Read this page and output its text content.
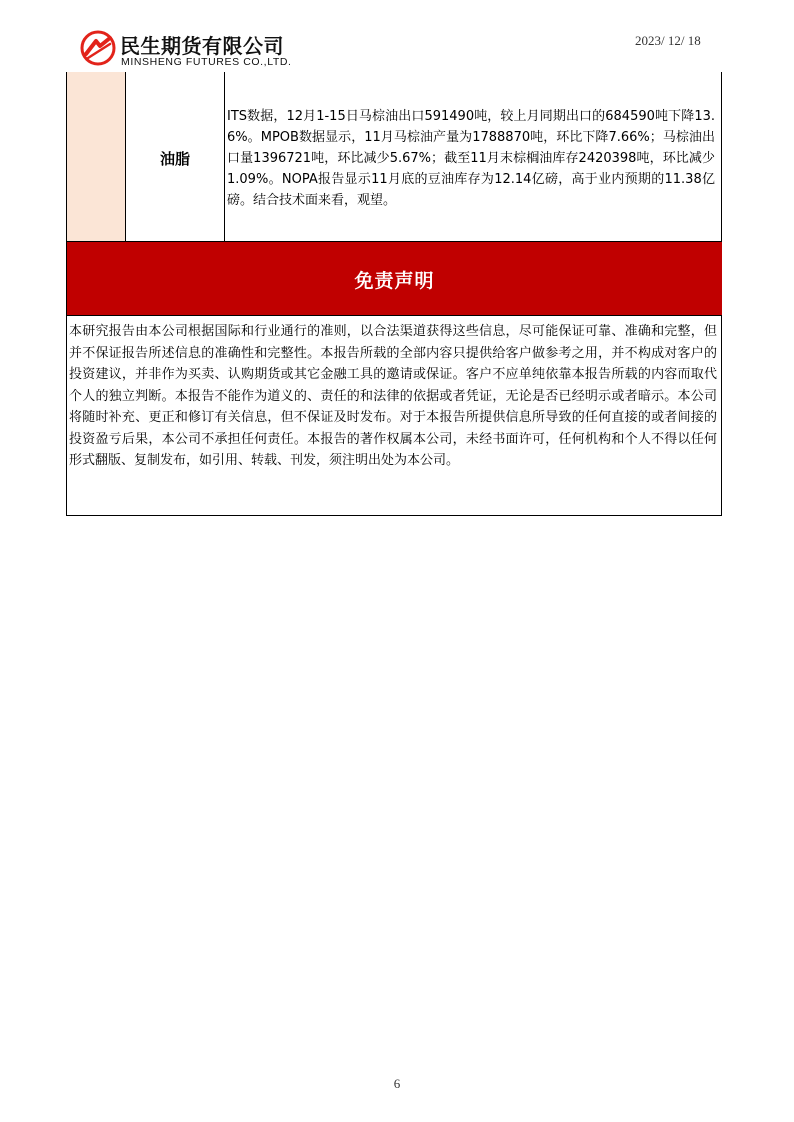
民生期货有限公司
MINSHENG FUTURES CO.,LTD.
2023/ 12/ 18
油脂
ITS数据，12月1-15日马棕油出口591490吨，较上月同期出口的684590吨下降13.6%。MPOB数据显示，11月马棕油产量为1788870吨，环比下降7.66%；马棕油出口量1396721吨，环比减少5.67%；截至11月末棕榈油库存2420398吨，环比减少1.09%。NOPA报告显示11月底的豆油库存为12.14亿磅，高于业内预期的11.38亿磅。结合技术面来看，观望。
免责声明
本研究报告由本公司根据国际和行业通行的准则，以合法渠道获得这些信息，尽可能保证可靠、准确和完整，但并不保证报告所述信息的准确性和完整性。本报告所载的全部内容只提供给客户做参考之用，并不构成对客户的投资建议，并非作为买卖、认购期货或其它金融工具的邀请或保证。客户不应单纯依靠本报告所载的内容而取代个人的独立判断。本报告不能作为道义的、责任的和法律的依据或者凭证，无论是否已经明示或者暗示。本公司将随时补充、更正和修订有关信息，但不保证及时发布。对于本报告所提供信息所导致的任何直接的或者间接的投资盈亏后果，本公司不承担任何责任。本报告的著作权属本公司，未经书面许可，任何机构和个人不得以任何形式翻版、复制发布，如引用、转载、刊发，须注明出处为本公司。
6
